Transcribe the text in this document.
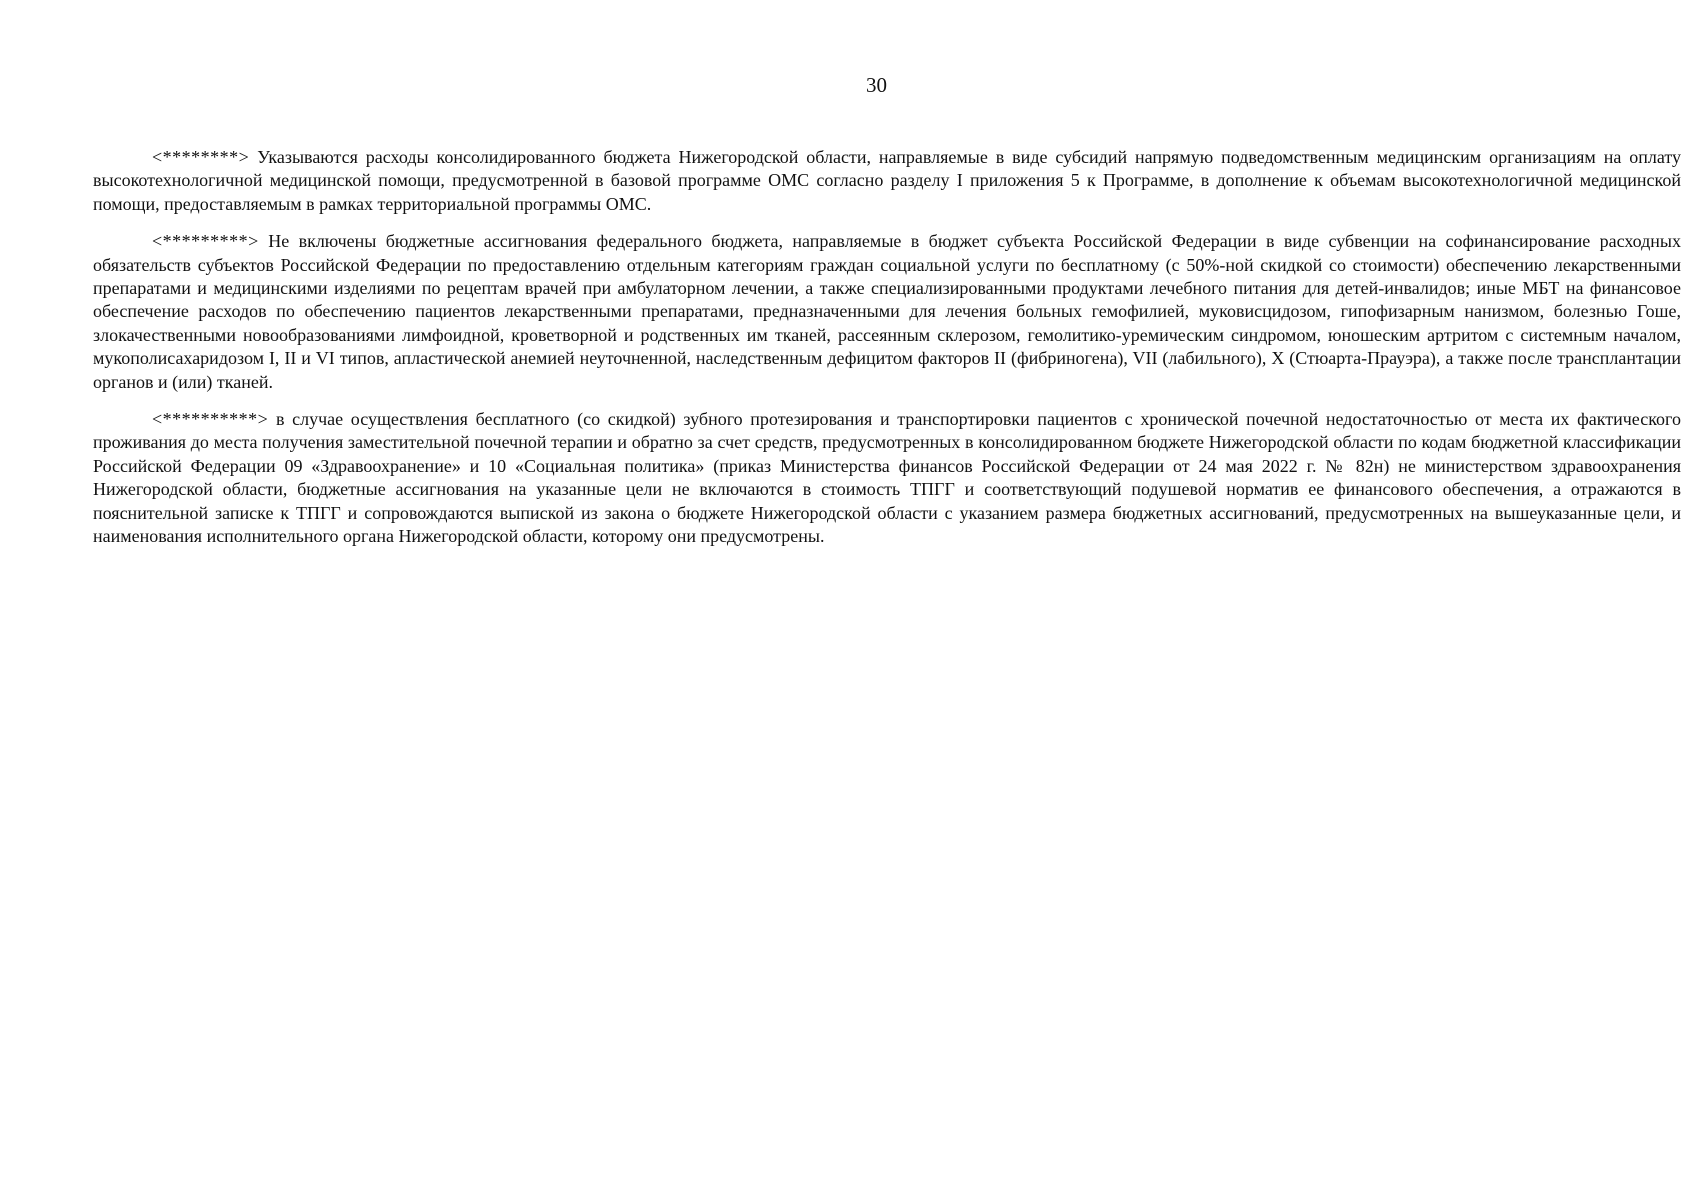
30

<********> Указываются расходы консолидированного бюджета Нижегородской области, направляемые в виде субсидий напрямую подведомственным медицинским организациям на оплату высокотехнологичной медицинской помощи, предусмотренной в базовой программе ОМС согласно разделу I приложения 5 к Программе, в дополнение к объемам высокотехнологичной медицинской помощи, предоставляемым в рамках территориальной программы ОМС.

<*********> Не включены бюджетные ассигнования федерального бюджета, направляемые в бюджет субъекта Российской Федерации в виде субвенции на софинансирование расходных обязательств субъектов Российской Федерации по предоставлению отдельным категориям граждан социальной услуги по бесплатному (с 50%-ной скидкой со стоимости) обеспечению лекарственными препаратами и медицинскими изделиями по рецептам врачей при амбулаторном лечении, а также специализированными продуктами лечебного питания для детей-инвалидов; иные МБТ на финансовое обеспечение расходов по обеспечению пациентов лекарственными препаратами, предназначенными для лечения больных гемофилией, муковисцидозом, гипофизарным нанизмом, болезнью Гоше, злокачественными новообразованиями лимфоидной, кроветворной и родственных им тканей, рассеянным склерозом, гемолитико-уремическим синдромом, юношеским артритом с системным началом, мукополисахаридозом I, II и VI типов, апластической анемией неуточненной, наследственным дефицитом факторов II (фибриногена), VII (лабильного), X (Стюарта-Прауэра), а также после трансплантации органов и (или) тканей.

<**********> в случае осуществления бесплатного (со скидкой) зубного протезирования и транспортировки пациентов с хронической почечной недостаточностью от места их фактического проживания до места получения заместительной почечной терапии и обратно за счет средств, предусмотренных в консолидированном бюджете Нижегородской области по кодам бюджетной классификации Российской Федерации 09 «Здравоохранение» и 10 «Социальная политика» (приказ Министерства финансов Российской Федерации от 24 мая 2022 г. № 82н) не министерством здравоохранения Нижегородской области, бюджетные ассигнования на указанные цели не включаются в стоимость ТПГГ и соответствующий подушевой норматив ее финансового обеспечения, а отражаются в пояснительной записке к ТПГГ и сопровождаются выпиской из закона о бюджете Нижегородской области с указанием размера бюджетных ассигнований, предусмотренных на вышеуказанные цели, и наименования исполнительного органа Нижегородской области, которому они предусмотрены.
